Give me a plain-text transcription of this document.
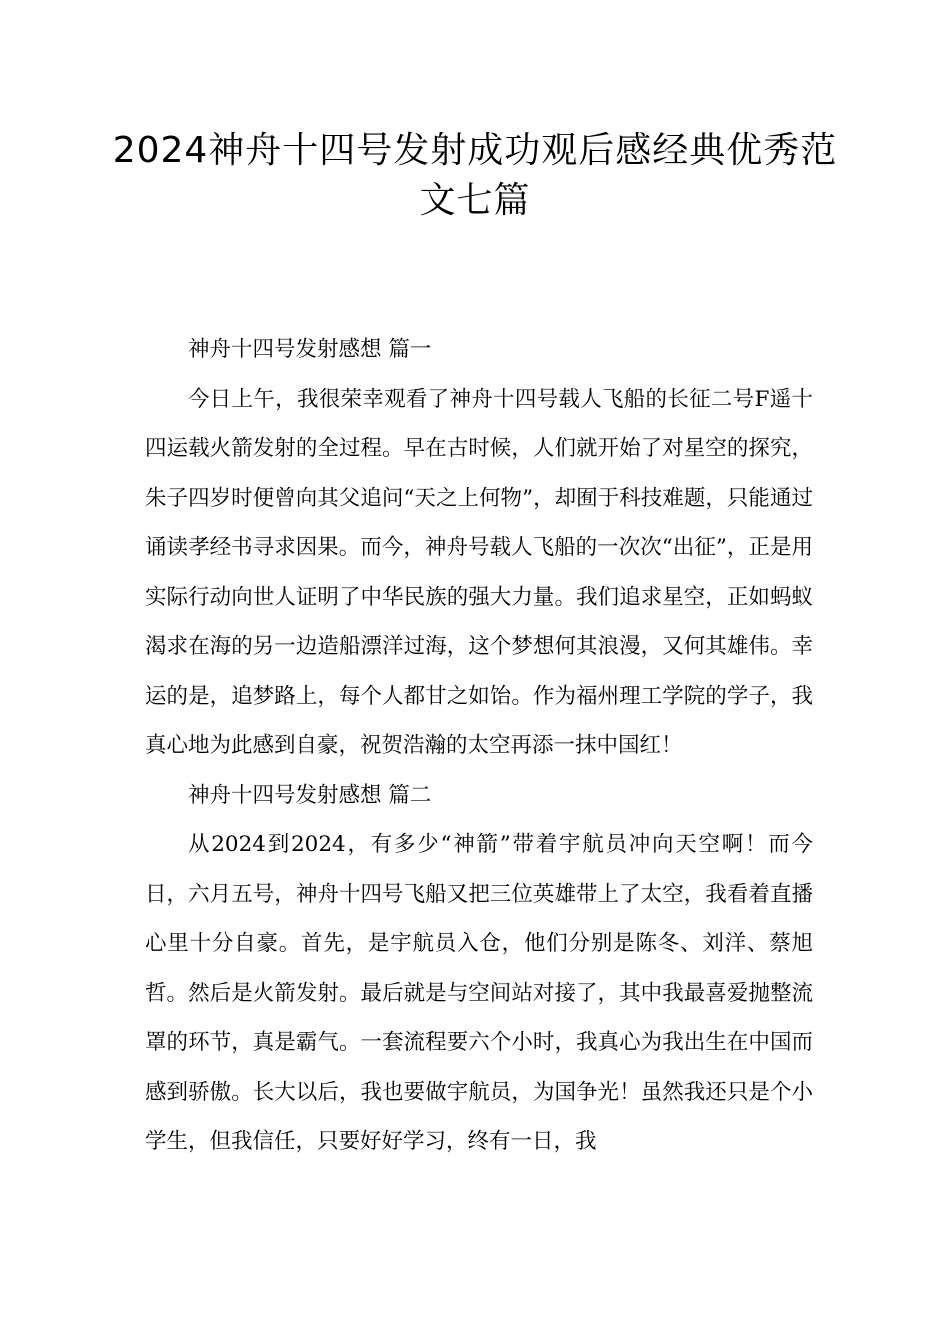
2024神舟十四号发射成功观后感经典优秀范文七篇

神舟十四号发射感想 篇一

今日上午，我很荣幸观看了神舟十四号载人飞船的长征二号F遥十四运载火箭发射的全过程。早在古时候，人们就开始了对星空的探究，朱子四岁时便曾向其父追问“天之上何物”，却囿于科技难题，只能通过诵读孝经书寻求因果。而今，神舟号载人飞船的一次次“出征”，正是用实际行动向世人证明了中华民族的强大力量。我们追求星空，正如蚂蚁渴求在海的另一边造船漂洋过海，这个梦想何其浪漫，又何其雄伟。幸运的是，追梦路上，每个人都甘之如饴。作为福州理工学院的学子，我真心地为此感到自豪，祝贺浩瀚的太空再添一抹中国红！

神舟十四号发射感想 篇二

从2024到2024，有多少“神箭”带着宇航员冲向天空啊！而今日，六月五号，神舟十四号飞船又把三位英雄带上了太空，我看着直播心里十分自豪。首先，是宇航员入仓，他们分别是陈冬、刘洋、蔡旭哲。然后是火箭发射。最后就是与空间站对接了，其中我最喜爱抛整流罩的环节，真是霸气。一套流程要六个小时，我真心为我出生在中国而感到骄傲。长大以后，我也要做宇航员，为国争光！虽然我还只是个小学生，但我信任，只要好好学习，终有一日，我
